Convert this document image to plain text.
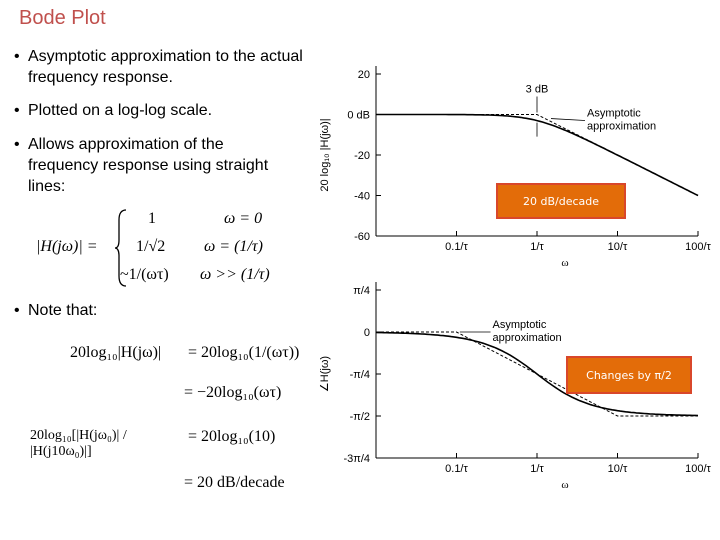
Bode Plot
• Asymptotic approximation to the actual frequency response.
• Plotted on a log-log scale.
• Allows approximation of the frequency response using straight lines:
• Note that:
|H(jω)| =
1	ω = 0
1/√2 ω = (1/τ)
~1/(ωτ) ω >> (1/τ)
20log₁₀|H(jω)| = 20log₁₀(1/(ωτ))
= −20log₁₀(ωτ)
20log₁₀[|H(jω₀)| / |H(j10ω₀)|]
= 20log₁₀(10)
= 20 dB/decade
20
0 dB
-20
-40
-60
0.1/τ	1/τ	10/τ	100/τ
ω
20 log₁₀ |H(jω)|
3 dB
Asymptotic
approximation
π/4
0
-π/4
-π/2
-3π/4
0.1/τ	1/τ	10/τ	100/τ
ω
∠H(jω)
Asymptotic
approximation
20 dB/decade
Changes by π/2
